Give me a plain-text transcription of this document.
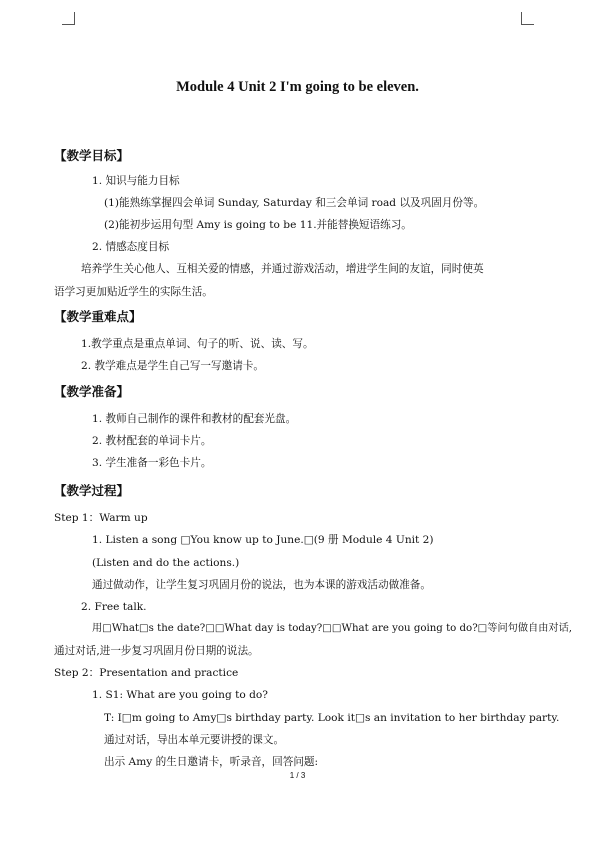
Module 4 Unit 2 I'm going to be eleven.
【教学目标】
1. 知识与能力目标
(1)能熟练掌握四会单词 Sunday, Saturday 和三会单词 road 以及巩固月份等。
(2)能初步运用句型 Amy is going to be 11.并能替换短语练习。
2. 情感态度目标
培养学生关心他人、互相关爱的情感，并通过游戏活动，增进学生间的友谊，同时使英
语学习更加贴近学生的实际生活。
【教学重难点】
1.教学重点是重点单词、句子的听、说、读、写。
2. 教学难点是学生自己写一写邀请卡。
【教学准备】
1. 教师自己制作的课件和教材的配套光盘。
2. 教材配套的单词卡片。
3. 学生准备一彩色卡片。
【教学过程】
Step 1：Warm up
1. Listen a song □You know up to June.□(9 册 Module 4 Unit 2)
(Listen and do the actions.)
通过做动作，让学生复习巩固月份的说法，也为本课的游戏活动做准备。
2. Free talk.
用□What□s the date?□□What day is today?□□What are you going to do?□等问句做自由对话,
通过对话,进一步复习巩固月份日期的说法。
Step 2：Presentation and practice
1. S1: What are you going to do?
T: I□m going to Amy□s birthday party. Look it□s an invitation to her birthday party.
通过对话，导出本单元要讲授的课文。
出示 Amy 的生日邀请卡，听录音，回答问题:
1 / 3
